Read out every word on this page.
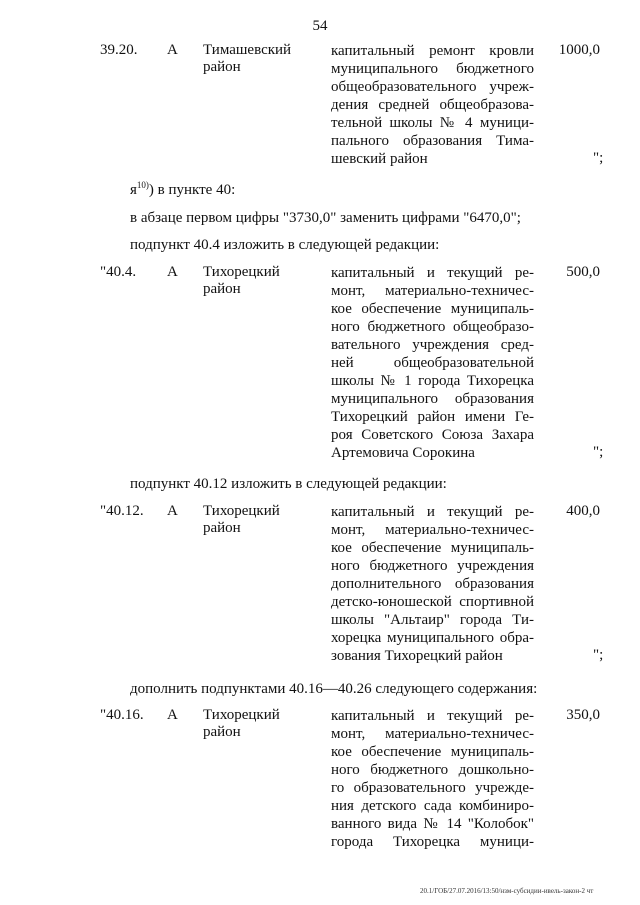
54
39.20. А Тимашевский
район
капитальный ремонт кровли
муниципального бюджетного
общеобразовательного учреж-
дения средней общеобразова-
тельной школы № 4 муници-
пального образования Тима-
шевский район
1000,0
";
$я^{10)}$) в пункте 40:
в абзаце первом цифры "3730,0" заменить цифрами "6470,0";
подпункт 40.4 изложить в следующей редакции:
"40.4. А Тихорецкий
район
капитальный и текущий ре-
монт, материально-техничес-
кое обеспечение муниципаль-
ного бюджетного общеобразо-
вательного учреждения сред-
ней общеобразовательной
школы № 1 города Тихорецка
муниципального образования
Тихорецкий район имени Ге-
роя Советского Союза Захара
Артемовича Сорокина
500,0
";
подпункт 40.12 изложить в следующей редакции:
"40.12. А Тихорецкий
район
капитальный и текущий ре-
монт, материально-техничес-
кое обеспечение муниципаль-
ного бюджетного учреждения
дополнительного образования
детско-юношеской спортивной
школы "Альтаир" города Ти-
хорецка муниципального обра-
зования Тихорецкий район
400,0
";
дополнить подпунктами 40.16—40.26 следующего содержания:
"40.16. А Тихорецкий
район
капитальный и текущий ре-
монт, материально-техничес-
кое обеспечение муниципаль-
ного бюджетного дошкольно-
го образовательного учрежде-
ния детского сада комбиниро-
ванного вида № 14 "Колобок"
города Тихорецка муници-
350,0
20.1/ГОБ/27.07.2016/13:50/нзм-субсидии-ивель-закон-2 чт
